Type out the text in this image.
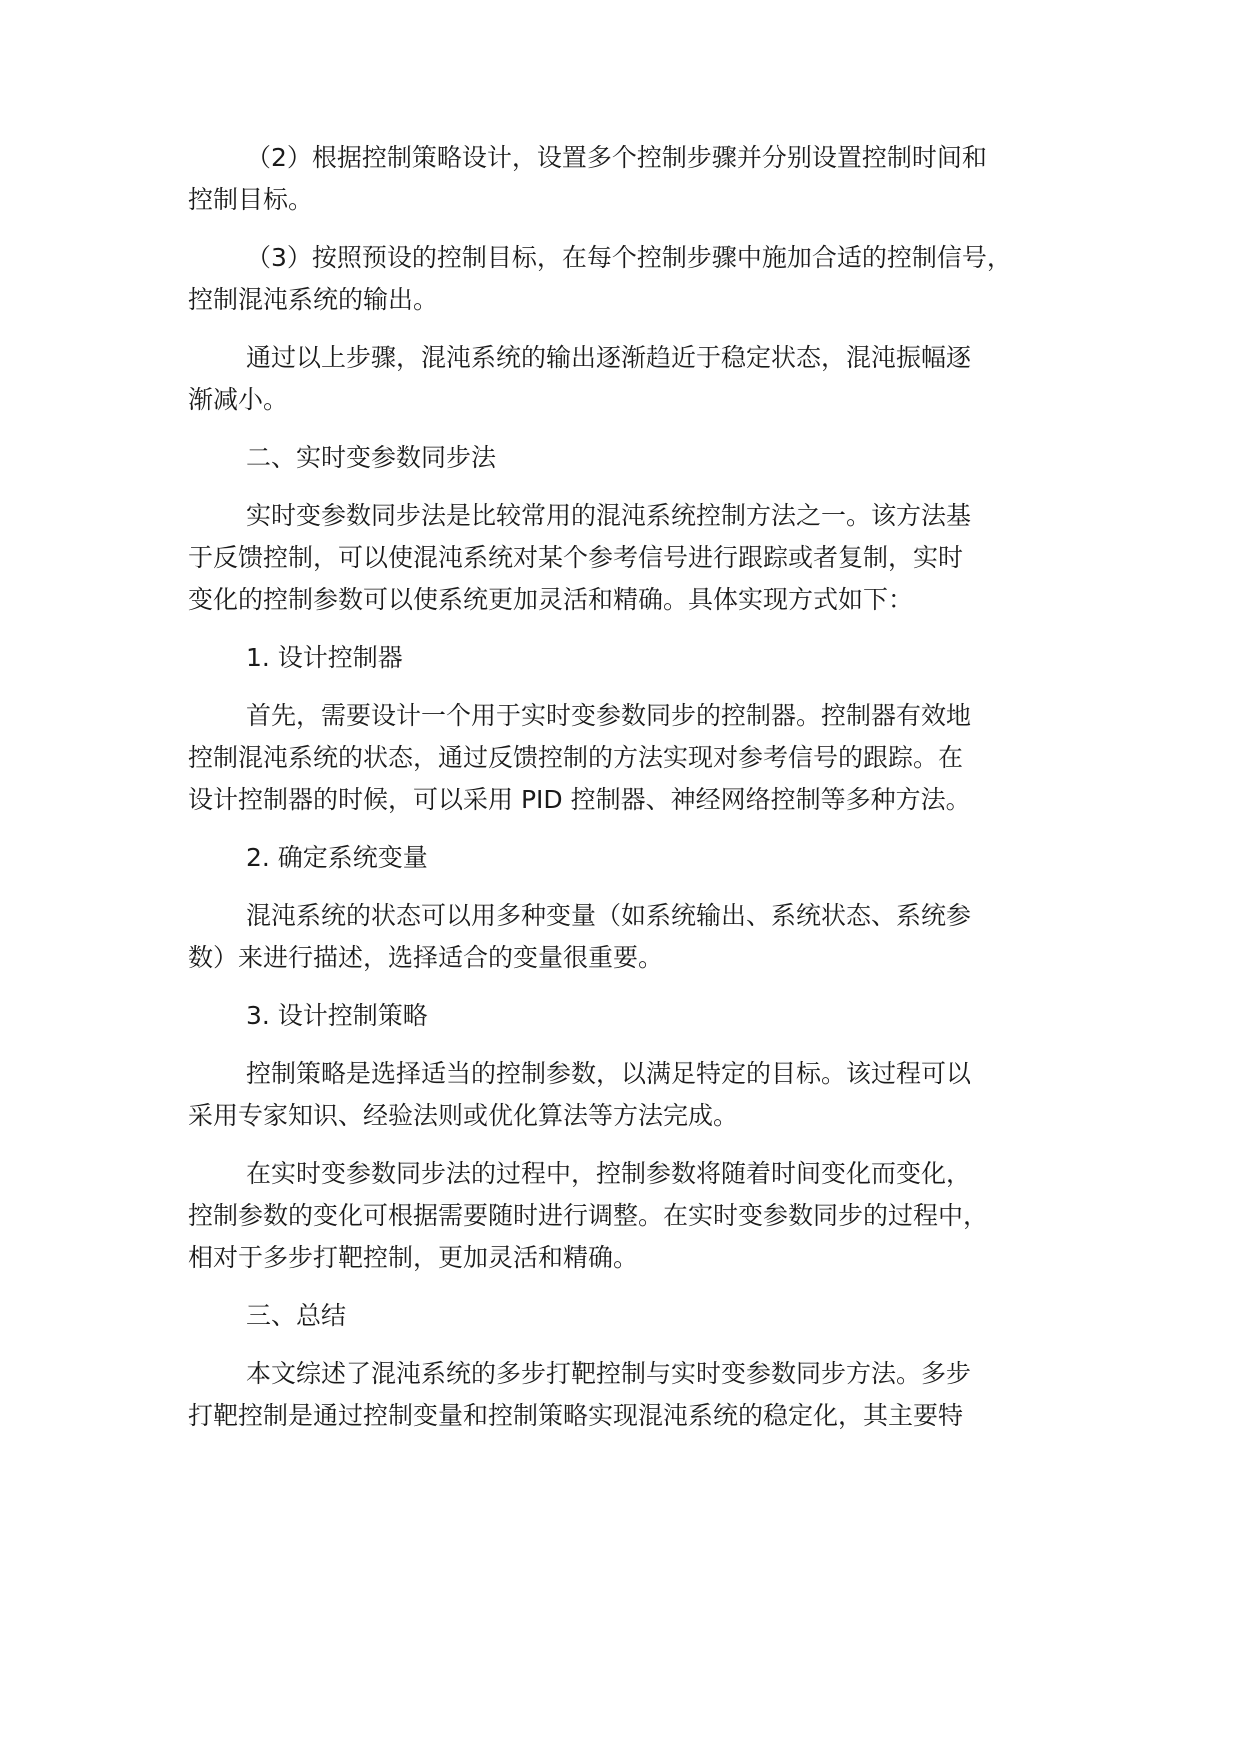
（2）根据控制策略设计，设置多个控制步骤并分别设置控制时间和
控制目标。
（3）按照预设的控制目标，在每个控制步骤中施加合适的控制信号，
控制混沌系统的输出。
通过以上步骤，混沌系统的输出逐渐趋近于稳定状态，混沌振幅逐
渐减小。
二、实时变参数同步法
实时变参数同步法是比较常用的混沌系统控制方法之一。该方法基
于反馈控制，可以使混沌系统对某个参考信号进行跟踪或者复制，实时
变化的控制参数可以使系统更加灵活和精确。具体实现方式如下：
1. 设计控制器
首先，需要设计一个用于实时变参数同步的控制器。控制器有效地
控制混沌系统的状态，通过反馈控制的方法实现对参考信号的跟踪。在
设计控制器的时候，可以采用 PID 控制器、神经网络控制等多种方法。
2. 确定系统变量
混沌系统的状态可以用多种变量（如系统输出、系统状态、系统参
数）来进行描述，选择适合的变量很重要。
3. 设计控制策略
控制策略是选择适当的控制参数，以满足特定的目标。该过程可以
采用专家知识、经验法则或优化算法等方法完成。
在实时变参数同步法的过程中，控制参数将随着时间变化而变化，
控制参数的变化可根据需要随时进行调整。在实时变参数同步的过程中，
相对于多步打靶控制，更加灵活和精确。
三、总结
本文综述了混沌系统的多步打靶控制与实时变参数同步方法。多步
打靶控制是通过控制变量和控制策略实现混沌系统的稳定化，其主要特
